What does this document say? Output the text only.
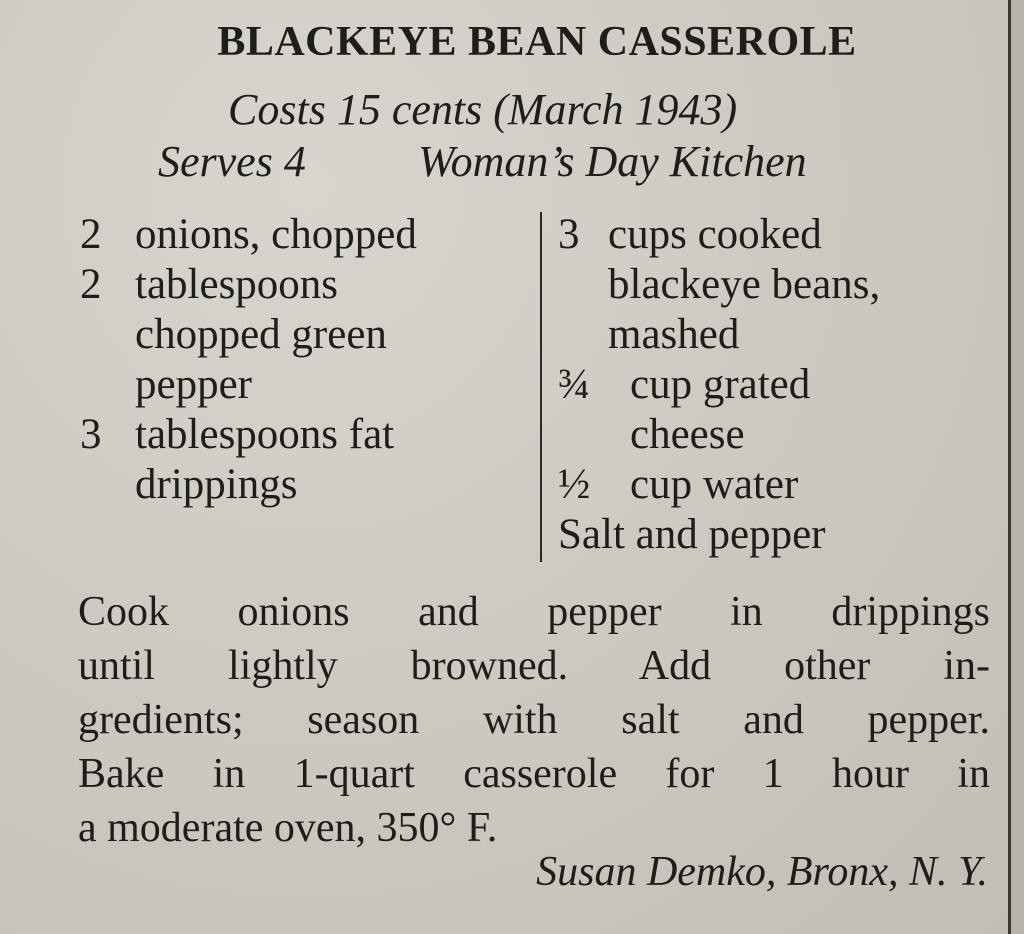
BLACKEYE BEAN CASSEROLE
Costs 15 cents (March 1943)
Serves 4	Woman’s Day Kitchen
2 onions, chopped
2 tablespoons
chopped green
pepper
3 tablespoons fat
drippings
3 cups cooked
blackeye beans,
mashed
¾ cup grated
cheese
½ cup water
Salt and pepper
Cook onions and pepper in drippings
until lightly browned. Add other in-
gredients; season with salt and pepper.
Bake in 1-quart casserole for 1 hour in
a moderate oven, 350° F.
Susan Demko, Bronx, N. Y.
